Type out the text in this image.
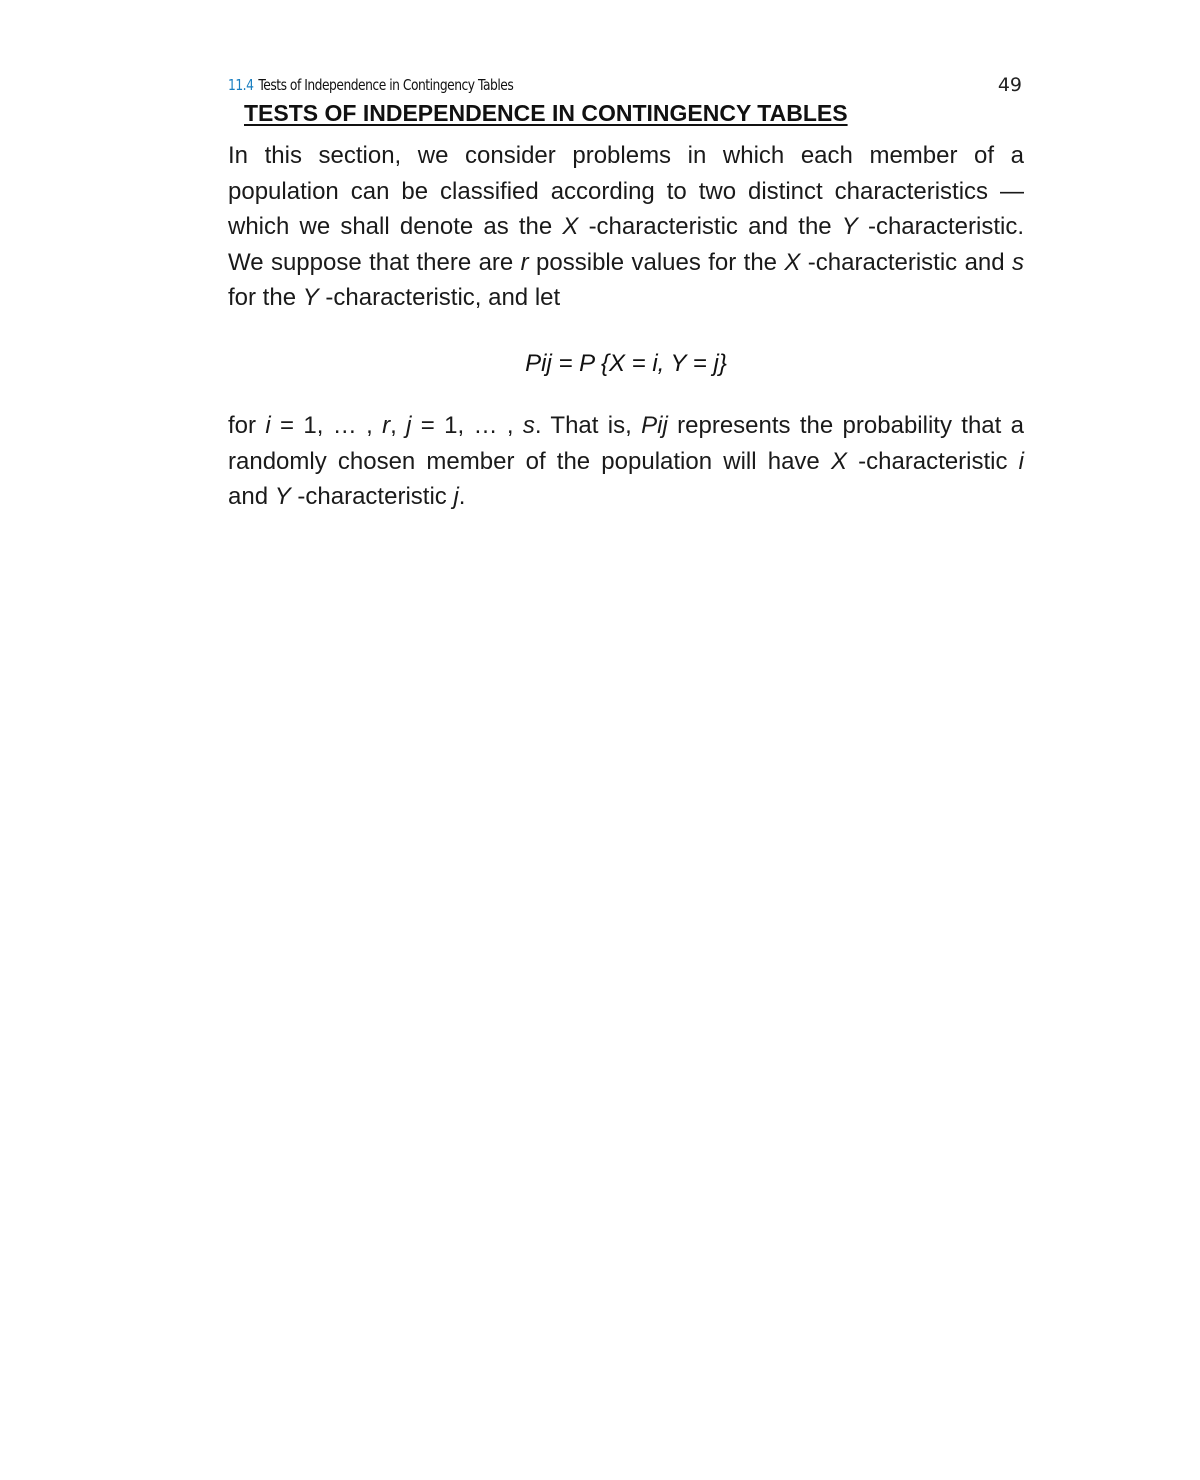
11.4 Tests of Independence in Contingency Tables	49
TESTS OF INDEPENDENCE IN CONTINGENCY TABLES

In this section, we consider problems in which each member of a population can be classified according to two distinct characteristics — which we shall denote as the X -characteristic and the Y -characteristic. We suppose that there are r possible values for the X -characteristic and s for the Y -characteristic, and let

Pij = P {X = i, Y = j}

for i = 1, … , r, j = 1, … , s. That is, Pij represents the probability that a randomly chosen member of the population will have X -characteristic i and Y -characteristic j.
